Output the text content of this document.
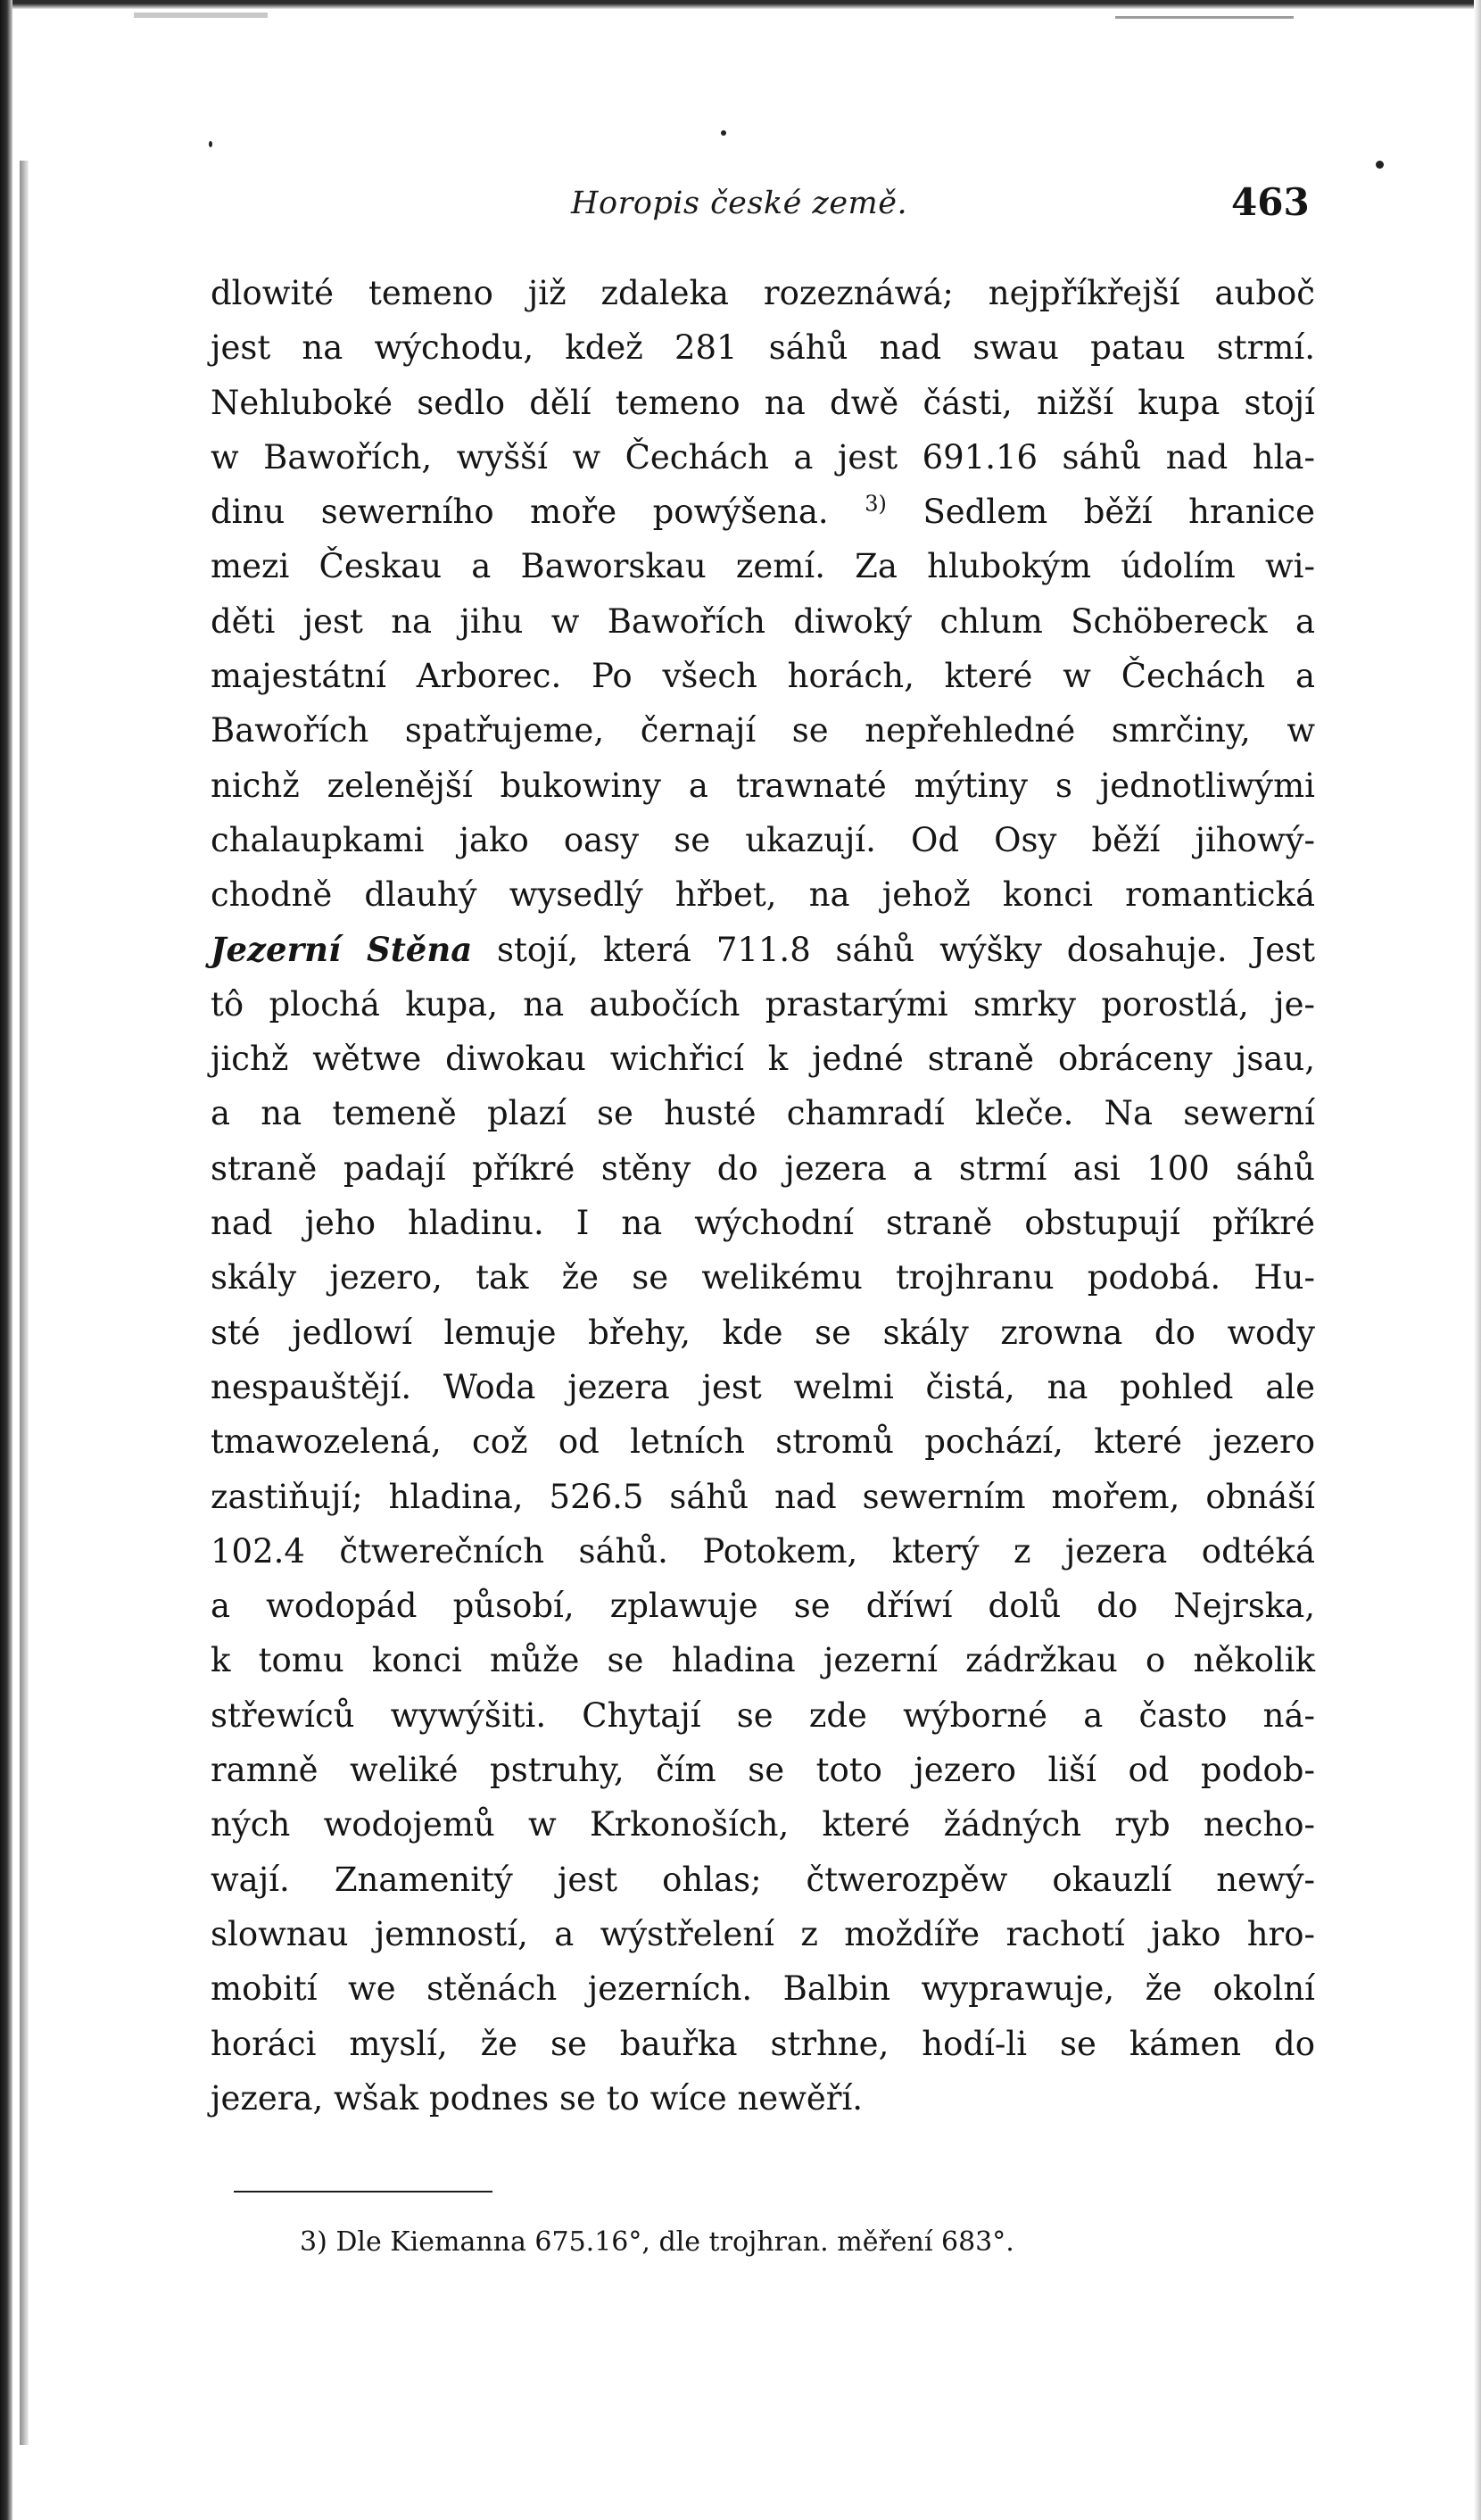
Horopis české země.	463
dlowité temeno již zdaleka rozeznáwá; nejpříkřejší auboč
jest na wýchodu, kdež 281 sáhů nad swau patau strmí.
Nehluboké sedlo dělí temeno na dwě části, nižší kupa stojí
w Bawořích, wyšší w Čechách a jest 691.16 sáhů nad hla-
dinu sewerního moře powýšena. $^{3)}$ Sedlem běží hranice
mezi Českau a Baworskau zemí. Za hlubokým údolím wi-
děti jest na jihu w Bawořích diwoký chlum Schöbereck a
majestátní Arborec. Po všech horách, které w Čechách a
Bawořích spatřujeme, černají se nepřehledné smrčiny, w
nichž zelenější bukowiny a trawnaté mýtiny s jednotliwými
chalaupkami jako oasy se ukazují. Od Osy běží jihowý-
chodně dlauhý wysedlý hřbet, na jehož konci romantická
Jezerní Stěna stojí, která 711.8 sáhů wýšky dosahuje. Jest
tô plochá kupa, na aubočích prastarými smrky porostlá, je-
jichž wětwe diwokau wichřicí k jedné straně obráceny jsau,
a na temeně plazí se husté chamradí kleče. Na sewerní
straně padají příkré stěny do jezera a strmí asi 100 sáhů
nad jeho hladinu. I na wýchodní straně obstupují příkré
skály jezero, tak že se welikému trojhranu podobá. Hu-
sté jedlowí lemuje břehy, kde se skály zrowna do wody
nespauštějí. Woda jezera jest welmi čistá, na pohled ale
tmawozelená, což od letních stromů pochází, které jezero
zastiňují; hladina, 526.5 sáhů nad sewerním mořem, obnáší
102.4 čtwerečních sáhů. Potokem, který z jezera odtéká
a wodopád působí, zplawuje se dříwí dolů do Nejrska,
k tomu konci může se hladina jezerní zádržkau o několik
střewíců wywýšiti. Chytají se zde wýborné a často ná-
ramně weliké pstruhy, čím se toto jezero liší od podob-
ných wodojemů w Krkonoších, které žádných ryb necho-
wají. Znamenitý jest ohlas; čtwerozpěw okauzlí newý-
slownau jemností, a wýstřelení z moždíře rachotí jako hro-
mobití we stěnách jezerních. Balbin wyprawuje, že okolní
horáci myslí, že se bauřka strhne, hodí-li se kámen do
jezera, wšak podnes se to wíce newěří.
3) Dle Kiemanna 675.16°, dle trojhran. měření 683°.
